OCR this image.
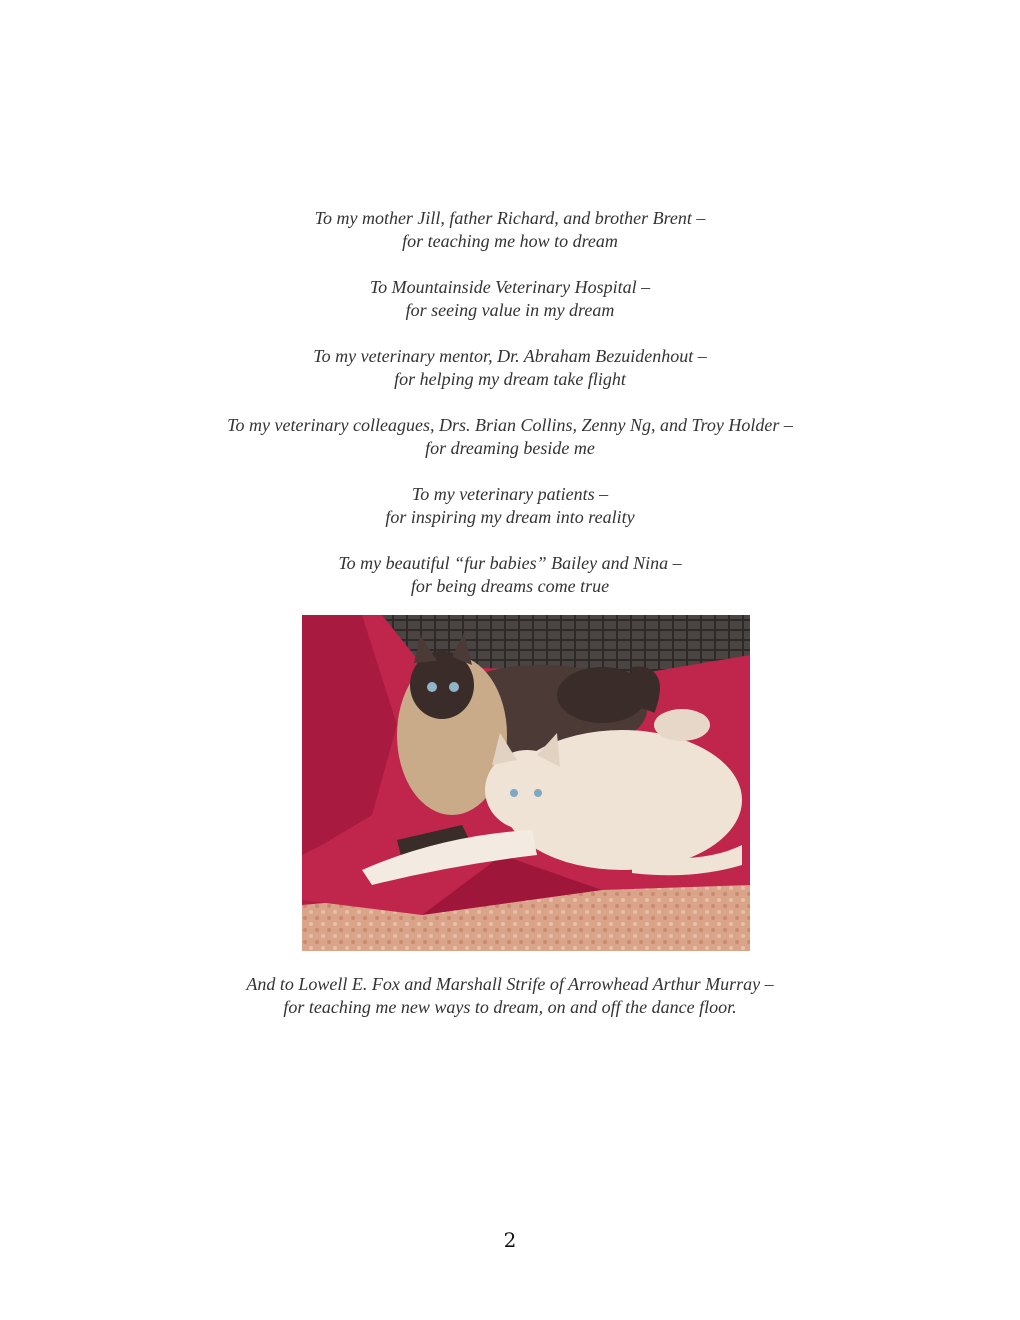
To my mother Jill, father Richard, and brother Brent –
for teaching me how to dream
To Mountainside Veterinary Hospital –
for seeing value in my dream
To my veterinary mentor, Dr. Abraham Bezuidenhout –
for helping my dream take flight
To my veterinary colleagues, Drs. Brian Collins, Zenny Ng, and Troy Holder –
for dreaming beside me
To my veterinary patients –
for inspiring my dream into reality
To my beautiful “fur babies” Bailey and Nina –
for being dreams come true
And to Lowell E. Fox and Marshall Strife of Arrowhead Arthur Murray –
for teaching me new ways to dream, on and off the dance floor.
2
